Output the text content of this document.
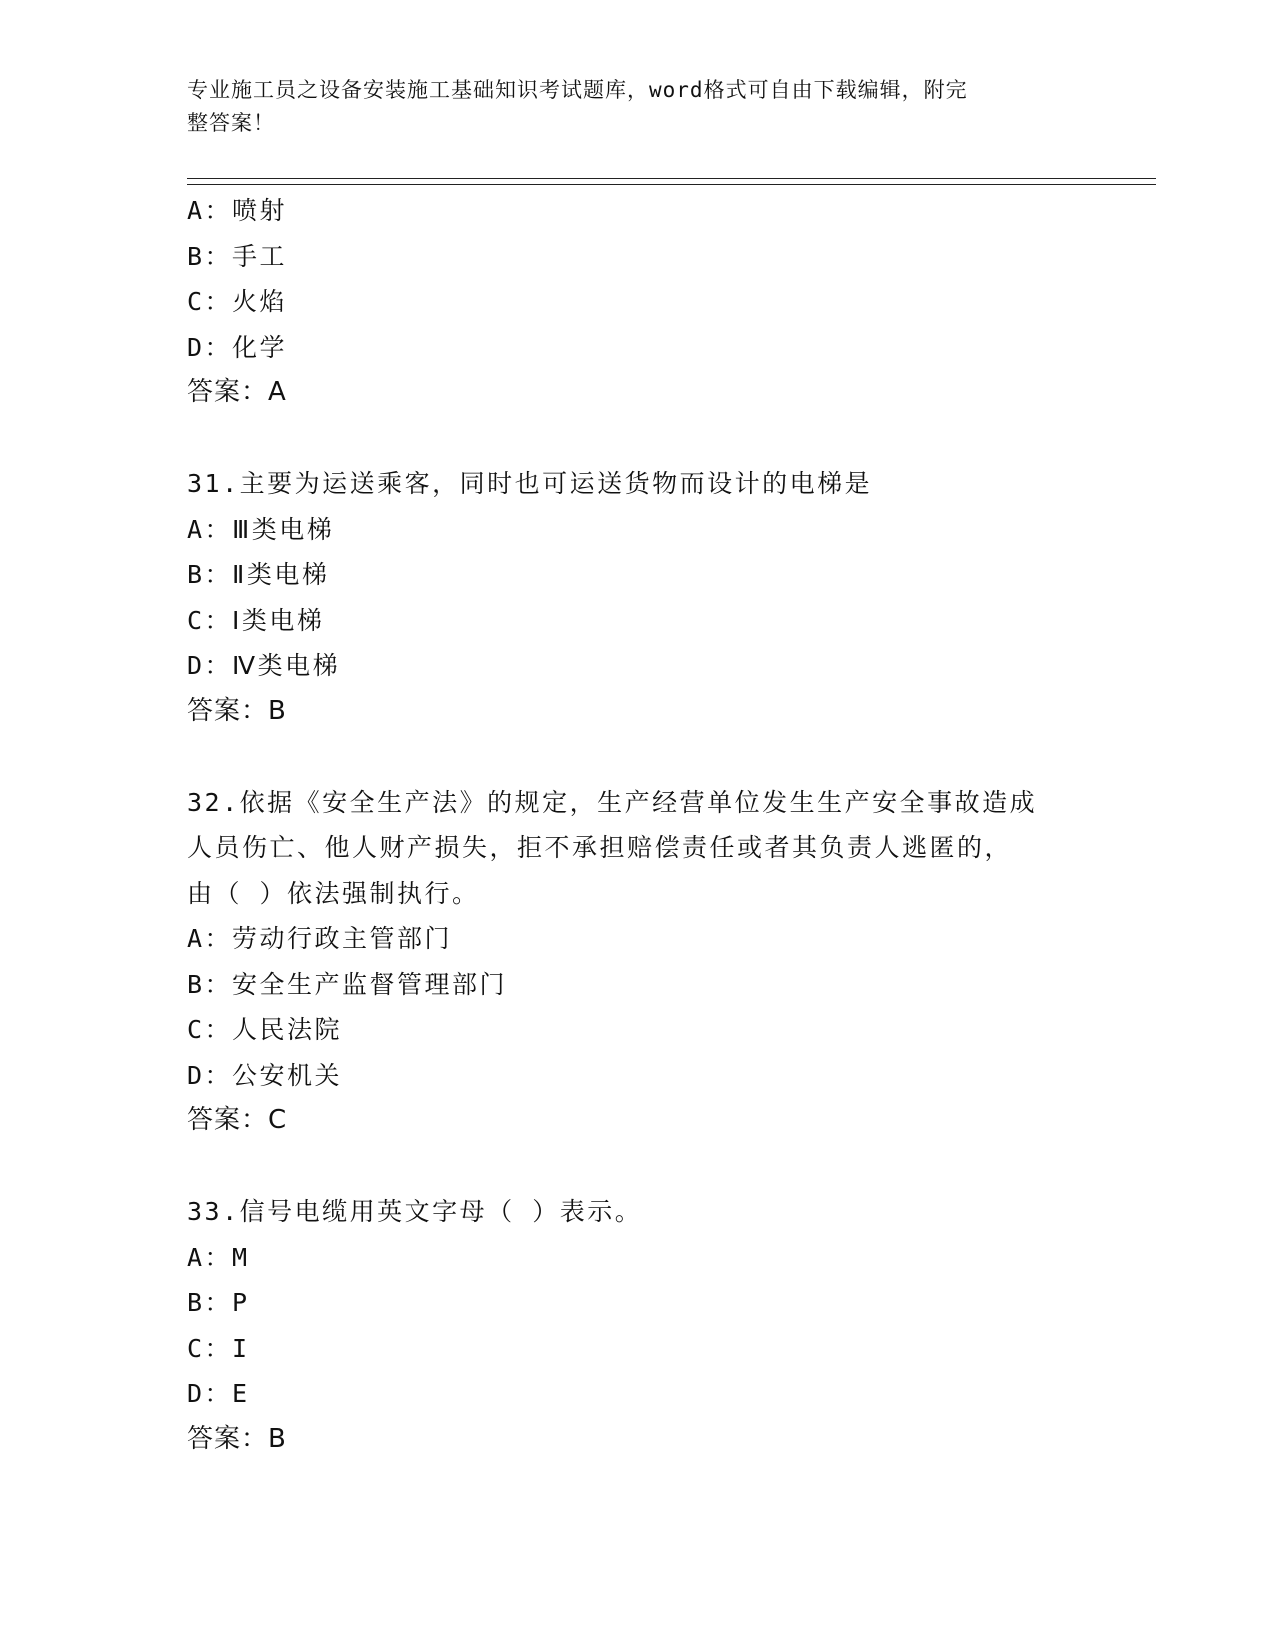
专业施工员之设备安装施工基础知识考试题库，word格式可自由下载编辑，附完
整答案！
A：喷射
B：手工
C：火焰
D：化学
答案：A
31.主要为运送乘客，同时也可运送货物而设计的电梯是
A：Ⅲ类电梯
B：Ⅱ类电梯
C：Ⅰ类电梯
D：Ⅳ类电梯
答案：B
32.依据《安全生产法》的规定，生产经营单位发生生产安全事故造成
人员伤亡、他人财产损失，拒不承担赔偿责任或者其负责人逃匿的，
由（ ）依法强制执行。
A：劳动行政主管部门
B：安全生产监督管理部门
C：人民法院
D：公安机关
答案：C
33.信号电缆用英文字母（ ）表示。
A：M
B：P
C：I
D：E
答案：B
